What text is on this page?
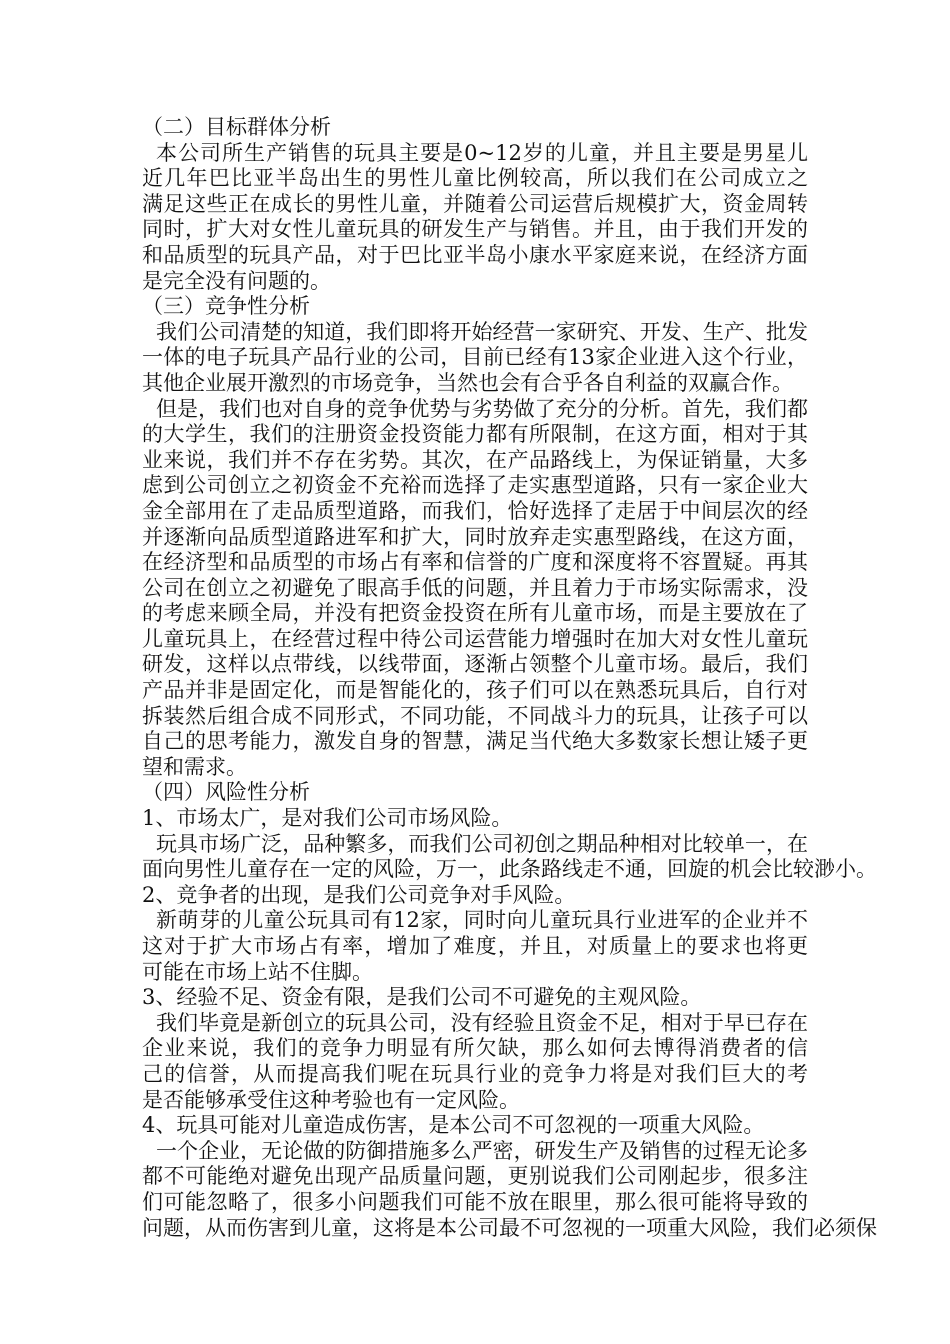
（二）目标群体分析
本公司所生产销售的玩具主要是0~12岁的儿童，并且主要是男星儿
近几年巴比亚半岛出生的男性儿童比例较高，所以我们在公司成立之
满足这些正在成长的男性儿童，并随着公司运营后规模扩大，资金周转
同时，扩大对女性儿童玩具的研发生产与销售。并且，由于我们开发的
和品质型的玩具产品，对于巴比亚半岛小康水平家庭来说，在经济方面
是完全没有问题的。
（三）竞争性分析
我们公司清楚的知道，我们即将开始经营一家研究、开发、生产、批发
一体的电子玩具产品行业的公司，目前已经有13家企业进入这个行业，
其他企业展开激烈的市场竞争，当然也会有合乎各自利益的双赢合作。
但是，我们也对自身的竞争优势与劣势做了充分的分析。首先，我们都
的大学生，我们的注册资金投资能力都有所限制，在这方面，相对于其
业来说，我们并不存在劣势。其次，在产品路线上，为保证销量，大多
虑到公司创立之初资金不充裕而选择了走实惠型道路，只有一家企业大
金全部用在了走品质型道路，而我们，恰好选择了走居于中间层次的经
并逐渐向品质型道路进军和扩大，同时放弃走实惠型路线，在这方面，
在经济型和品质型的市场占有率和信誉的广度和深度将不容置疑。再其
公司在创立之初避免了眼高手低的问题，并且着力于市场实际需求，没
的考虑来顾全局，并没有把资金投资在所有儿童市场，而是主要放在了
儿童玩具上，在经营过程中待公司运营能力增强时在加大对女性儿童玩
研发，这样以点带线，以线带面，逐渐占领整个儿童市场。最后，我们
产品并非是固定化，而是智能化的，孩子们可以在熟悉玩具后，自行对
拆装然后组合成不同形式，不同功能，不同战斗力的玩具，让孩子可以
自己的思考能力，激发自身的智慧，满足当代绝大多数家长想让矮子更
望和需求。
（四）风险性分析
1、市场太广，是对我们公司市场风险。
玩具市场广泛，品种繁多，而我们公司初创之期品种相对比较单一，在
面向男性儿童存在一定的风险，万一，此条路线走不通，回旋的机会比较渺小。
2、竞争者的出现，是我们公司竞争对手风险。
新萌芽的儿童公玩具司有12家，同时向儿童玩具行业进军的企业并不
这对于扩大市场占有率，增加了难度，并且，对质量上的要求也将更
可能在市场上站不住脚。
3、经验不足、资金有限，是我们公司不可避免的主观风险。
我们毕竟是新创立的玩具公司，没有经验且资金不足，相对于早已存在
企业来说，我们的竞争力明显有所欠缺，那么如何去博得消费者的信
己的信誉，从而提高我们呢在玩具行业的竞争力将是对我们巨大的考
是否能够承受住这种考验也有一定风险。
4、玩具可能对儿童造成伤害，是本公司不可忽视的一项重大风险。
一个企业，无论做的防御措施多么严密，研发生产及销售的过程无论多
都不可能绝对避免出现产品质量问题，更别说我们公司刚起步，很多注
们可能忽略了，很多小问题我们可能不放在眼里，那么很可能将导致的
问题，从而伤害到儿童，这将是本公司最不可忽视的一项重大风险，我们必须保
